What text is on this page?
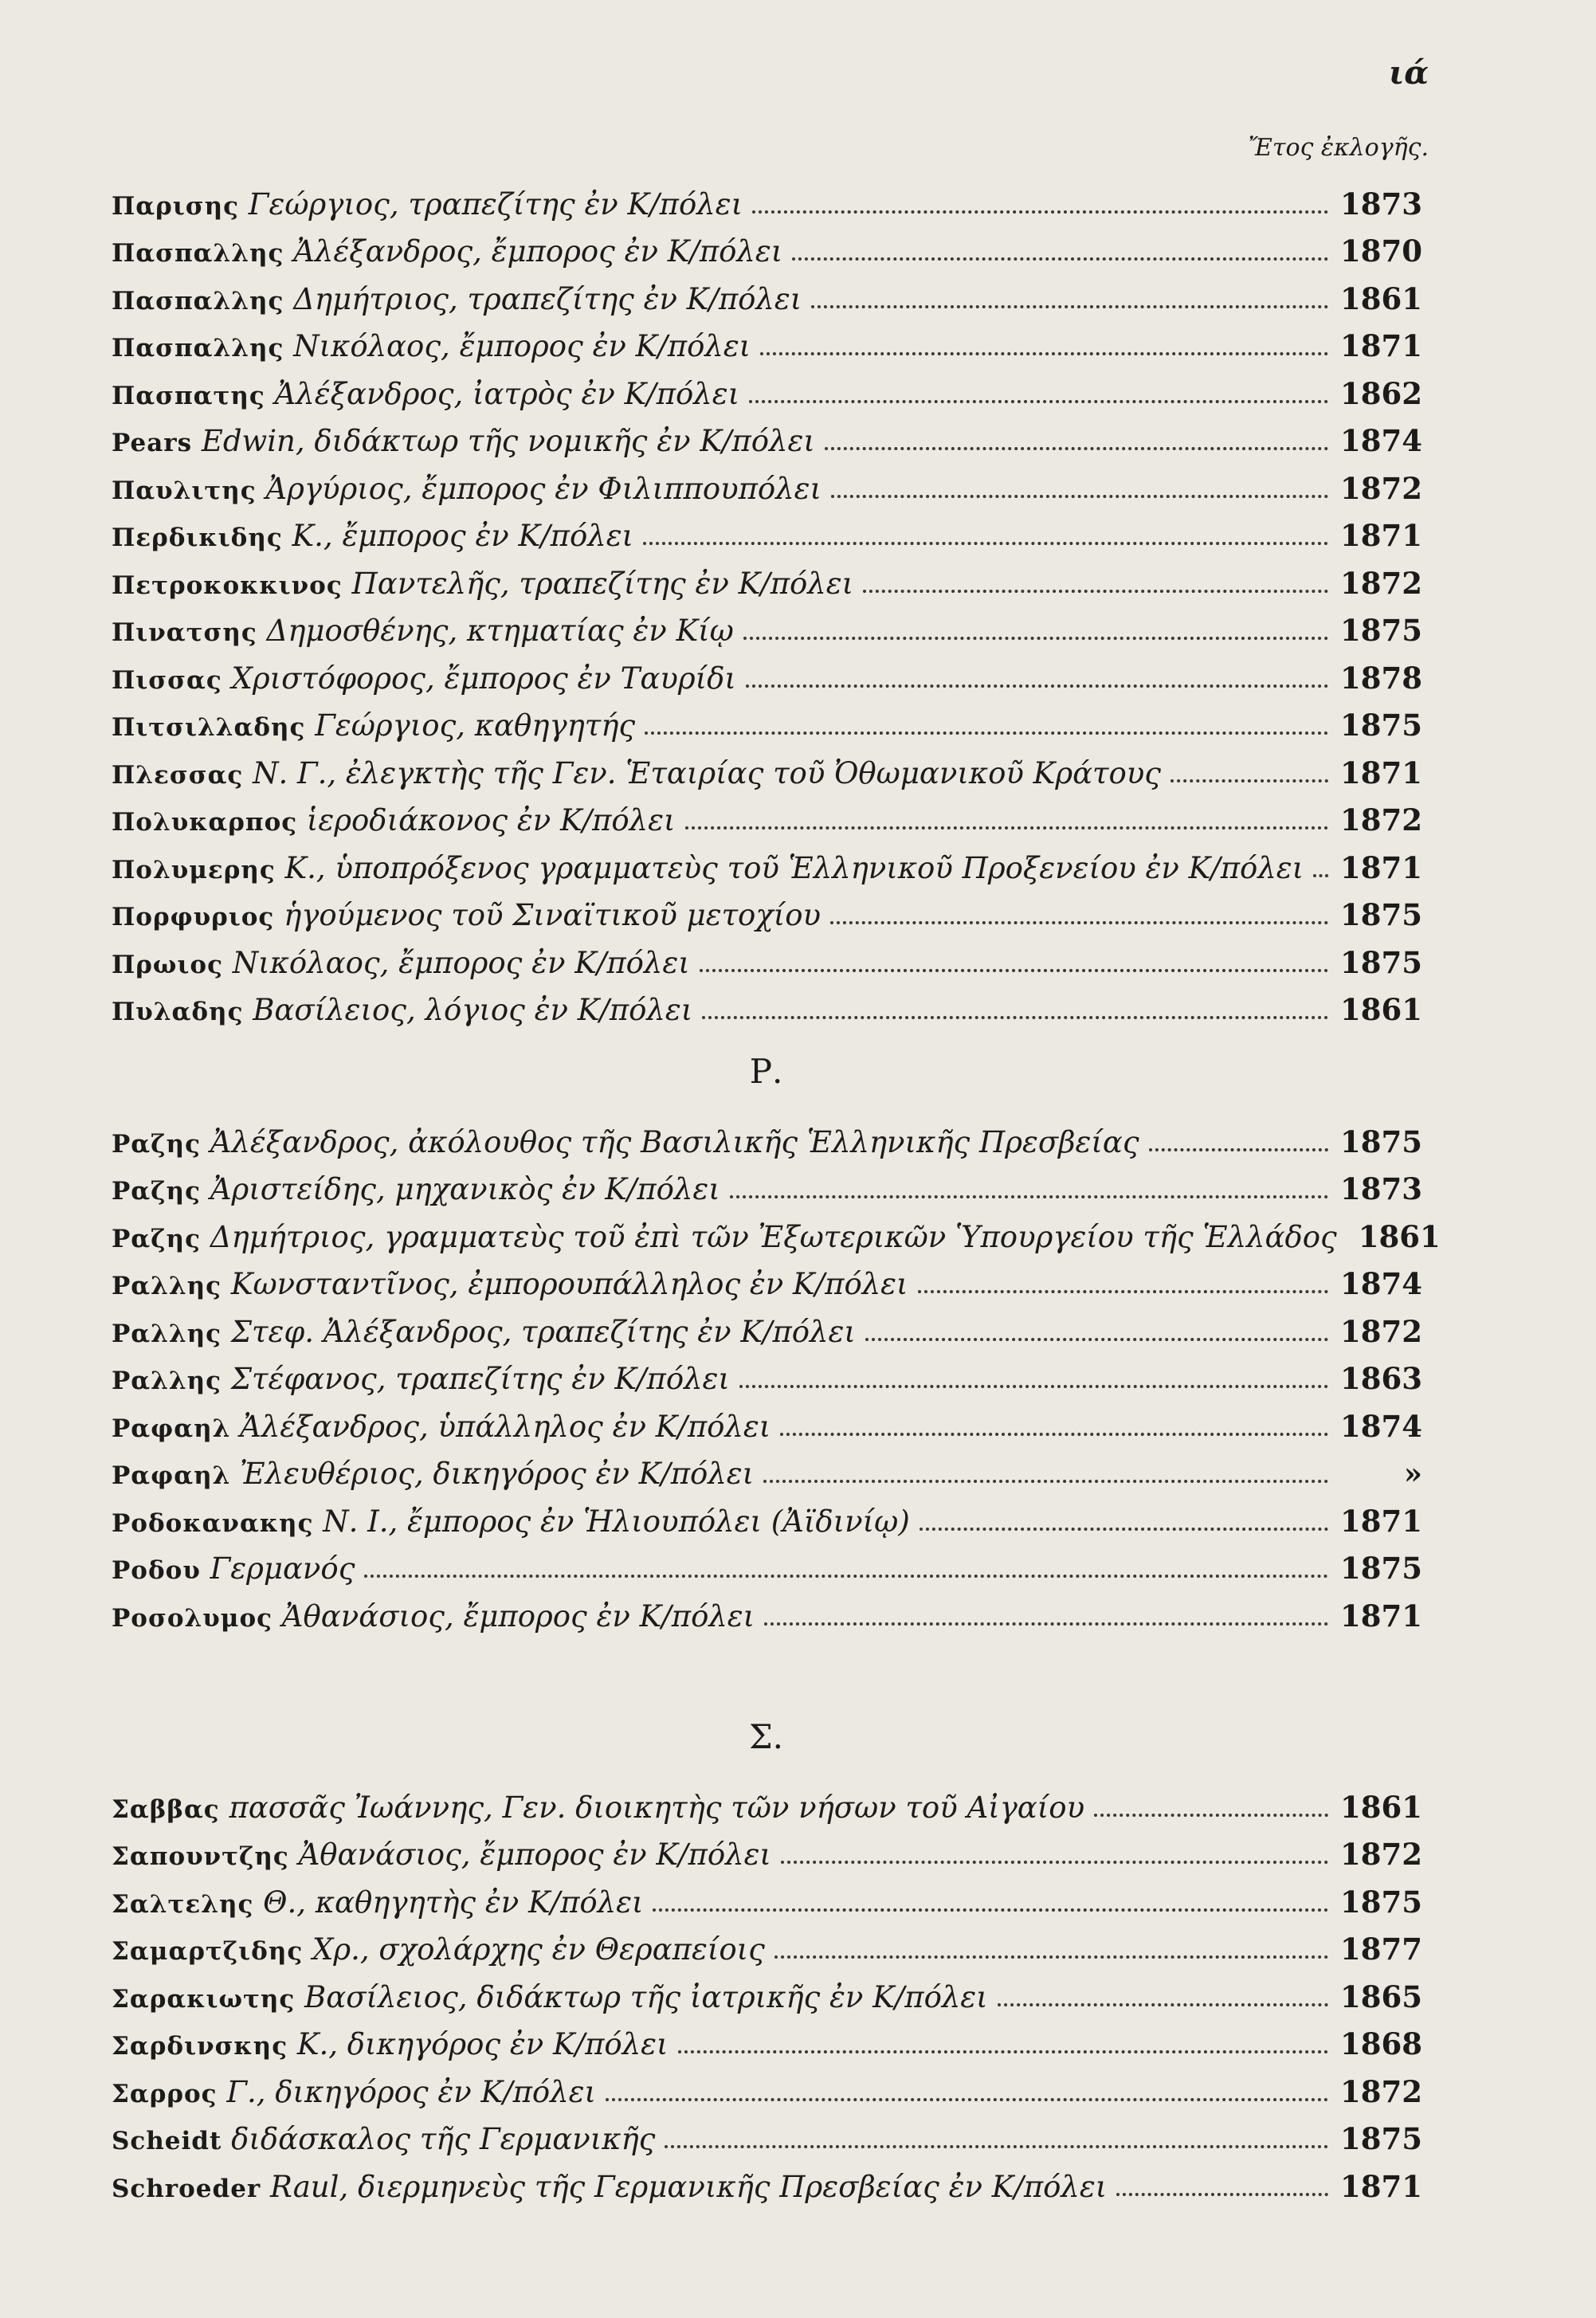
ιά
Ἔτος ἐκλογῆς.
Παρισης Γεώργιος, τραπεζίτης ἐν Κ/πόλει	1873
Πασπαλλης Ἀλέξανδρος, ἔμπορος ἐν Κ/πόλει	1870
Πασπαλλης Δημήτριος, τραπεζίτης ἐν Κ/πόλει	1861
Πασπαλλης Νικόλαος, ἔμπορος ἐν Κ/πόλει	1871
Πασπατης Ἀλέξανδρος, ἰατρὸς ἐν Κ/πόλει	1862
Pears Edwin, διδάκτωρ τῆς νομικῆς ἐν Κ/πόλει	1874
Παυλιτης Ἀργύριος, ἔμπορος ἐν Φιλιππουπόλει	1872
Περδικιδης Κ., ἔμπορος ἐν Κ/πόλει	1871
Πετροκοκκινος Παντελῆς, τραπεζίτης ἐν Κ/πόλει	1872
Πινατσης Δημοσθένης, κτηματίας ἐν Κίῳ	1875
Πισσας Χριστόφορος, ἔμπορος ἐν Ταυρίδι	1878
Πιτσιλλαδης Γεώργιος, καθηγητής	1875
Πλεσσας Ν. Γ., ἐλεγκτὴς τῆς Γεν. Ἑταιρίας τοῦ Ὀθωμανικοῦ Κράτους	1871
Πολυκαρπος ἱεροδιάκονος ἐν Κ/πόλει	1872
Πολυμερης Κ., ὑποπρόξενος γραμματεὺς τοῦ Ἑλληνικοῦ Προξενείου ἐν Κ/πόλει 1871
Πορφυριος ἡγούμενος τοῦ Σιναϊτικοῦ μετοχίου	1875
Πρωιος Νικόλαος, ἔμπορος ἐν Κ/πόλει	1875
Πυλαδης Βασίλειος, λόγιος ἐν Κ/πόλει	1861
Ρ.
Ραζης Ἀλέξανδρος, ἀκόλουθος τῆς Βασιλικῆς Ἑλληνικῆς Πρεσβείας	1875
Ραζης Ἀριστείδης, μηχανικὸς ἐν Κ/πόλει	1873
Ραζης Δημήτριος, γραμματεὺς τοῦ ἐπὶ τῶν Ἐξωτερικῶν Ὑπουργείου τῆς Ἑλλάδος 1861
Ραλλης Κωνσταντῖνος, ἐμπορουπάλληλος ἐν Κ/πόλει	1874
Ραλλης Στεφ. Ἀλέξανδρος, τραπεζίτης ἐν Κ/πόλει	1872
Ραλλης Στέφανος, τραπεζίτης ἐν Κ/πόλει	1863
Ραφαηλ Ἀλέξανδρος, ὑπάλληλος ἐν Κ/πόλει	1874
Ραφαηλ Ἐλευθέριος, δικηγόρος ἐν Κ/πόλει	»
Ροδοκανακης Ν. Ι., ἔμπορος ἐν Ἡλιουπόλει (Ἀϊδινίῳ)	1871
Ροδου Γερμανός	1875
Ροσολυμος Ἀθανάσιος, ἔμπορος ἐν Κ/πόλει	1871
Σ.
Σαββας πασσᾶς Ἰωάννης, Γεν. διοικητὴς τῶν νήσων τοῦ Αἰγαίου	1861
Σαπουντζης Ἀθανάσιος, ἔμπορος ἐν Κ/πόλει	1872
Σαλτελης Θ., καθηγητὴς ἐν Κ/πόλει	1875
Σαμαρτζιδης Χρ., σχολάρχης ἐν Θεραπείοις	1877
Σαρακιωτης Βασίλειος, διδάκτωρ τῆς ἰατρικῆς ἐν Κ/πόλει	1865
Σαρδινσκης Κ., δικηγόρος ἐν Κ/πόλει	1868
Σαρρος Γ., δικηγόρος ἐν Κ/πόλει	1872
Scheidt διδάσκαλος τῆς Γερμανικῆς	1875
Schroeder Raul, διερμηνεὺς τῆς Γερμανικῆς Πρεσβείας ἐν Κ/πόλει	1871
